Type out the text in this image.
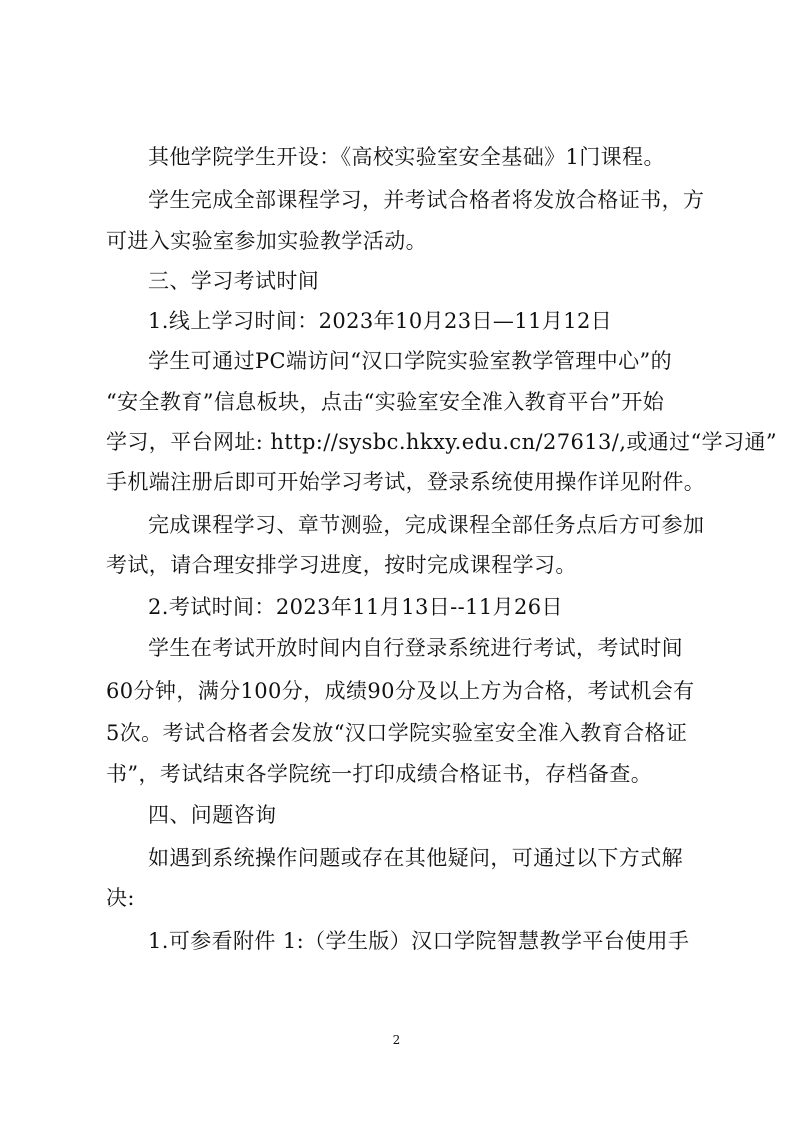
其他学院学生开设：《高校实验室安全基础》1门课程。
学生完成全部课程学习，并考试合格者将发放合格证书，方
可进入实验室参加实验教学活动。
三、学习考试时间
1.线上学习时间：2023年10月23日—11月12日
学生可通过PC端访问“汉口学院实验室教学管理中心”的
“安全教育”信息板块，点击“实验室安全准入教育平台”开始
学习，平台网址: http://sysbc.hkxy.edu.cn/27613/,或通过“学习通”
手机端注册后即可开始学习考试，登录系统使用操作详见附件。
完成课程学习、章节测验，完成课程全部任务点后方可参加
考试，请合理安排学习进度，按时完成课程学习。
2.考试时间：2023年11月13日--11月26日
学生在考试开放时间内自行登录系统进行考试，考试时间
60分钟，满分100分，成绩90分及以上方为合格，考试机会有
5次。考试合格者会发放“汉口学院实验室安全准入教育合格证
书”，考试结束各学院统一打印成绩合格证书，存档备查。
四、问题咨询
如遇到系统操作问题或存在其他疑问，可通过以下方式解
决:
1.可参看附件 1:（学生版）汉口学院智慧教学平台使用手
2
